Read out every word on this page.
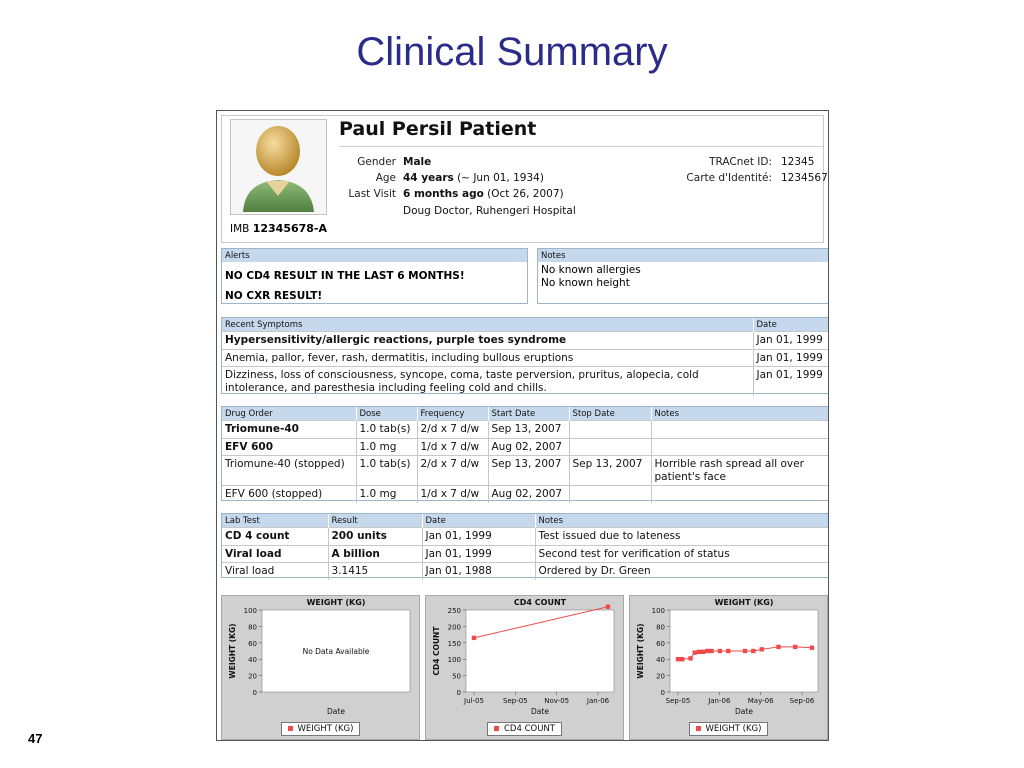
Clinical Summary
IMB 12345678-A
Paul Persil Patient
Gender Male
Age 44 years (~ Jun 01, 1934)
Last Visit 6 months ago (Oct 26, 2007)
Doug Doctor, Ruhengeri Hospital
TRACnet ID: 12345
Carte d'Identité: 1234567
Alerts
NO CD4 RESULT IN THE LAST 6 MONTHS!
NO CXR RESULT!
Notes
No known allergies
No known height
Recent Symptoms	Date
Hypersensitivity/allergic reactions, purple toes syndrome	Jan 01, 1999
Anemia, pallor, fever, rash, dermatitis, including bullous eruptions	Jan 01, 1999
Dizziness, loss of consciousness, syncope, coma, taste perversion, pruritus, alopecia, cold intolerance, and paresthesia including feeling cold and chills.	Jan 01, 1999
Drug Order	Dose	Frequency	Start Date	Stop Date	Notes
Triomune-40	1.0 tab(s)	2/d x 7 d/w	Sep 13, 2007		
EFV 600	1.0 mg	1/d x 7 d/w	Aug 02, 2007		
Triomune-40 (stopped)	1.0 tab(s)	2/d x 7 d/w	Sep 13, 2007	Sep 13, 2007	Horrible rash spread all over patient's face
EFV 600 (stopped)	1.0 mg	1/d x 7 d/w	Aug 02, 2007		
Lab Test	Result	Date	Notes
CD 4 count	200 units	Jan 01, 1999	Test issued due to lateness
Viral load	A billion	Jan 01, 1999	Second test for verification of status
Viral load	3.1415	Jan 01, 1988	Ordered by Dr. Green
WEIGHT (KG)
0
20
40
60
80
100
WEIGHT (KG)
Date
No Data Available
WEIGHT (KG)
CD4 COUNT
0
50
100
150
200
250
CD4 COUNT
Date
Jul-05	Sep-05 Nov-05	Jan-06
CD4 COUNT
WEIGHT (KG)
0
20
40
60
80
100
WEIGHT (KG)
Date
Sep-05	Jan-06 May-06 Sep-06
WEIGHT (KG)
47
